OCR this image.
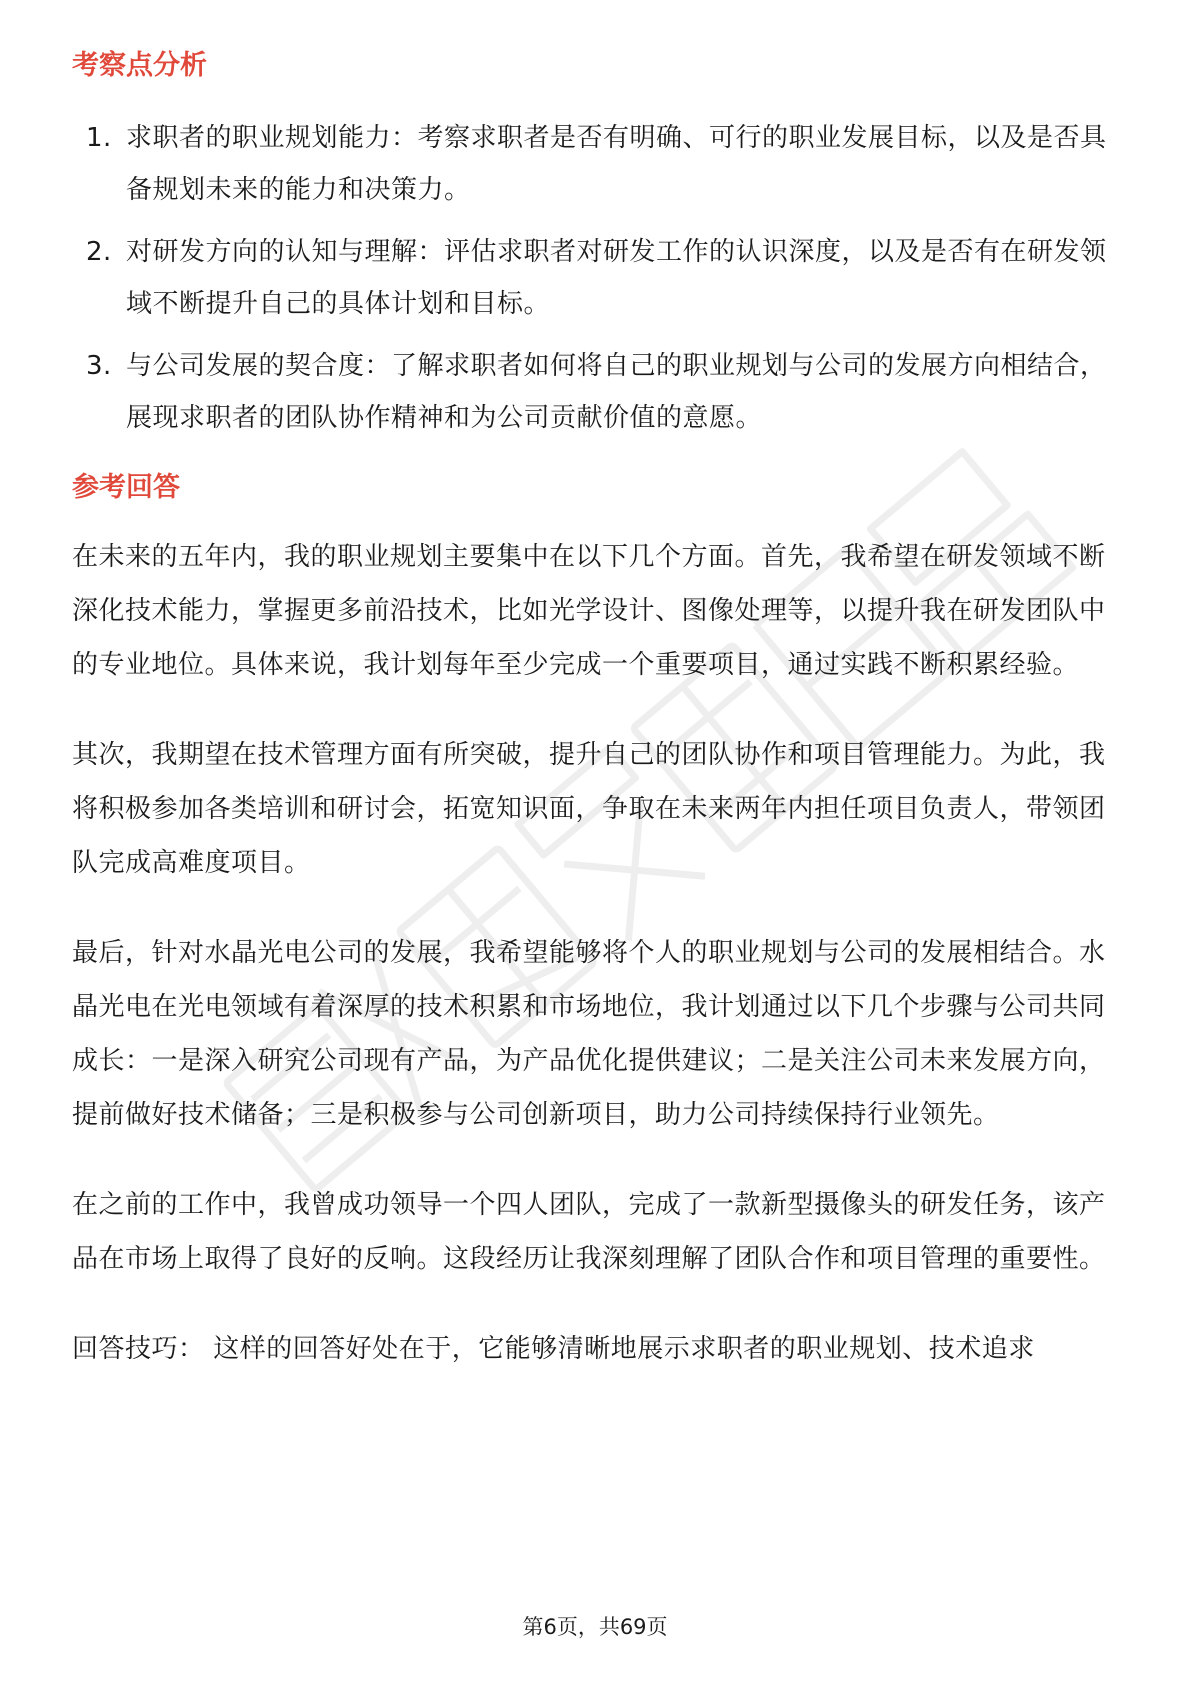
考察点分析
1. 求职者的职业规划能力：考察求职者是否有明确、可行的职业发展目标，以及是否具备规划未来的能力和决策力。
2. 对研发方向的认知与理解：评估求职者对研发工作的认识深度，以及是否有在研发领域不断提升自己的具体计划和目标。
3. 与公司发展的契合度：了解求职者如何将自己的职业规划与公司的发展方向相结合，展现求职者的团队协作精神和为公司贡献价值的意愿。
参考回答

在未来的五年内，我的职业规划主要集中在以下几个方面。首先，我希望在研发领域不断深化技术能力，掌握更多前沿技术，比如光学设计、图像处理等，以提升我在研发团队中的专业地位。具体来说，我计划每年至少完成一个重要项目，通过实践不断积累经验。

其次，我期望在技术管理方面有所突破，提升自己的团队协作和项目管理能力。为此，我将积极参加各类培训和研讨会，拓宽知识面，争取在未来两年内担任项目负责人，带领团队完成高难度项目。

最后，针对水晶光电公司的发展，我希望能够将个人的职业规划与公司的发展相结合。水晶光电在光电领域有着深厚的技术积累和市场地位，我计划通过以下几个步骤与公司共同成长：一是深入研究公司现有产品，为产品优化提供建议；二是关注公司未来发展方向，提前做好技术储备；三是积极参与公司创新项目，助力公司持续保持行业领先。

在之前的工作中，我曾成功领导一个四人团队，完成了一款新型摄像头的研发任务，该产品在市场上取得了良好的反响。这段经历让我深刻理解了团队合作和项目管理的重要性。

回答技巧： 这样的回答好处在于，它能够清晰地展示求职者的职业规划、技术追求

第6页，共69页
